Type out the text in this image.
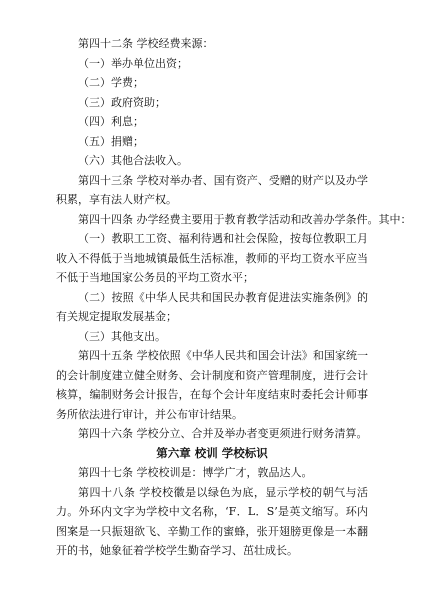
第四十二条 学校经费来源：

（一）举办单位出资；

（二）学费；

（三）政府资助；

（四）利息；

（五）捐赠；

（六）其他合法收入。

第四十三条 学校对举办者、国有资产、受赠的财产以及办学积累，享有法人财产权。

第四十四条 办学经费主要用于教育教学活动和改善办学条件。其中：

（一）教职工工资、福利待遇和社会保险，按每位教职工月收入不得低于当地城镇最低生活标准，教师的平均工资水平应当不低于当地国家公务员的平均工资水平；

（二）按照《中华人民共和国民办教育促进法实施条例》的有关规定提取发展基金；

（三）其他支出。

第四十五条 学校依照《中华人民共和国会计法》和国家统一的会计制度建立健全财务、会计制度和资产管理制度，进行会计核算，编制财务会计报告，在每个会计年度结束时委托会计师事务所依法进行审计，并公布审计结果。

第四十六条 学校分立、合并及举办者变更须进行财务清算。

第六章 校训 学校标识

第四十七条 学校校训是：博学广才，敦品达人。

第四十八条 学校校徽是以绿色为底，显示学校的朝气与活力。外环内文字为学校中文名称，‘F．L．S’是英文缩写。环内图案是一只振翅欲飞、辛勤工作的蜜蜂，张开翅膀更像是一本翻开的书，她象征着学校学生勤奋学习、茁壮成长。
